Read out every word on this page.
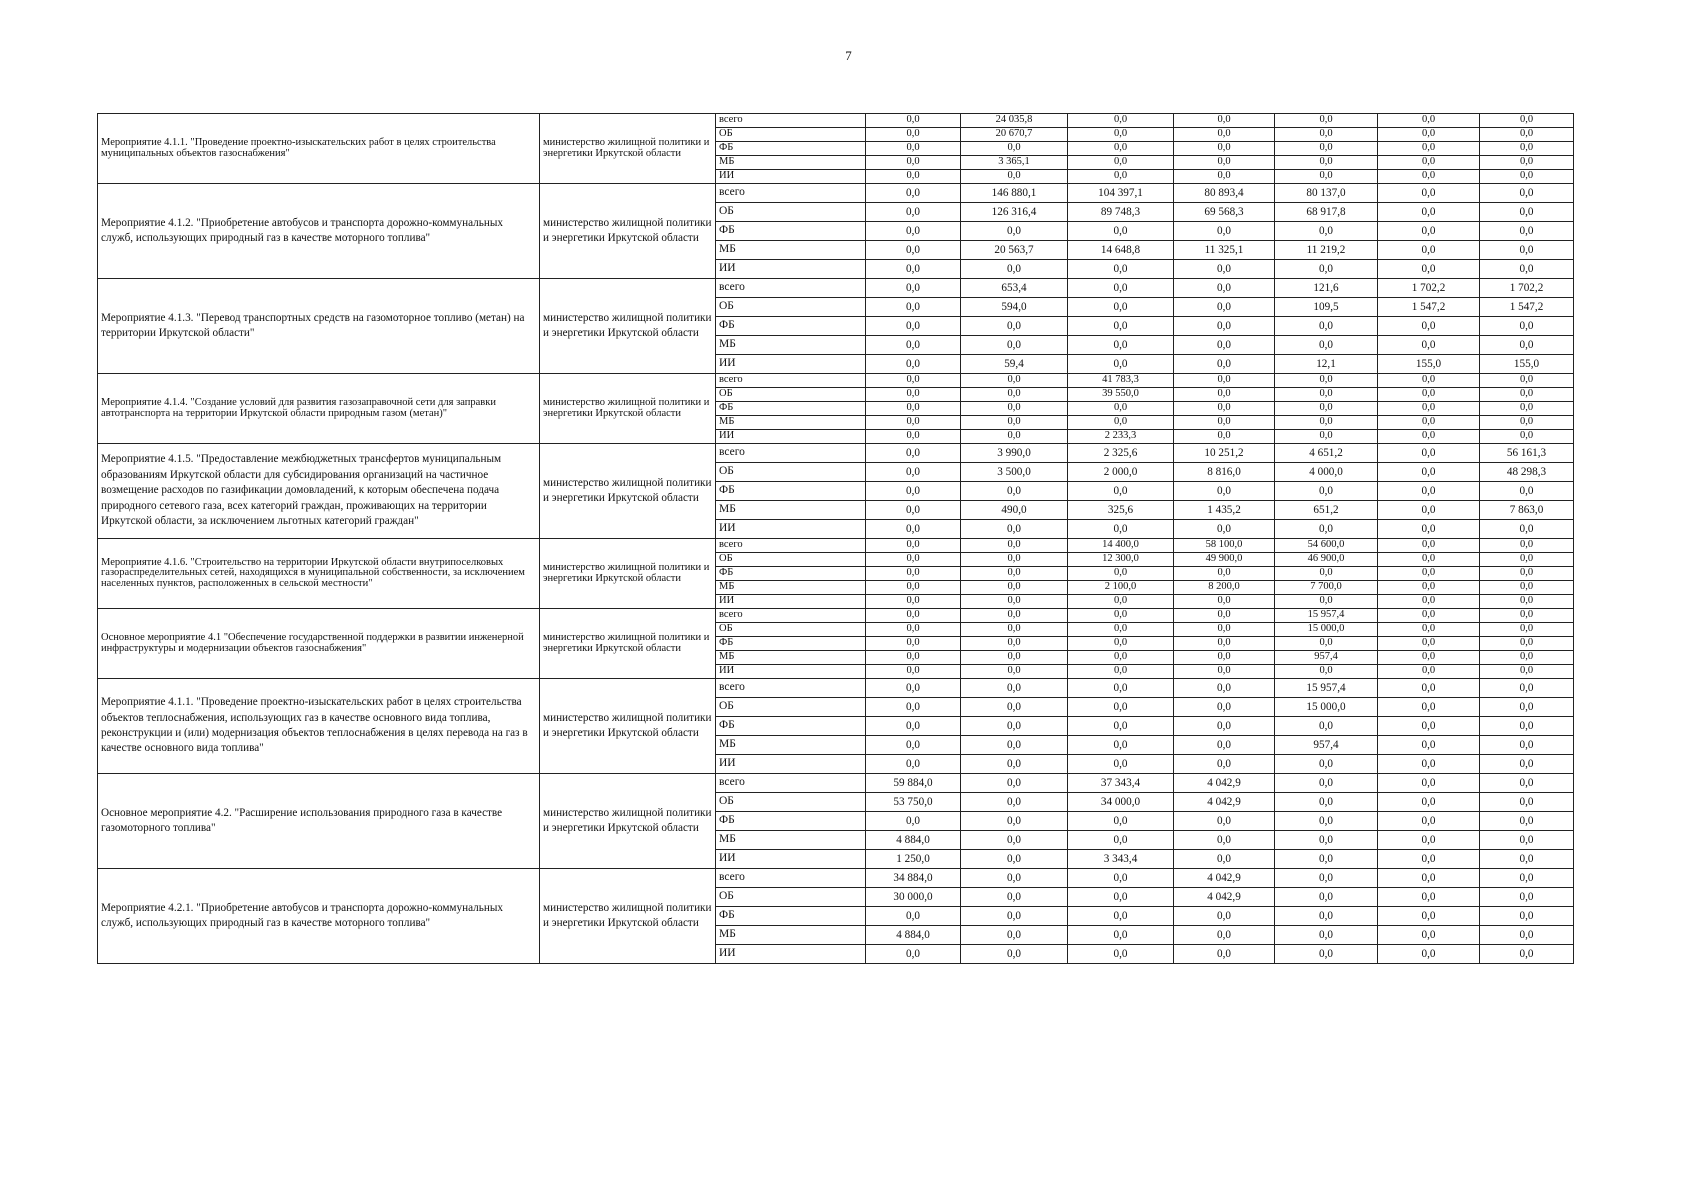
7
Мероприятие 4.1.1. "Проведение проектно-изыскательских работ в целях строительства муниципальных объектов газоснабжения"	министерство жилищной политики и энергетики Иркутской области	всего	0,0	24 035,8	0,0	0,0	0,0	0,0	0,0
		ОБ	0,0	20 670,7	0,0	0,0	0,0	0,0	0,0
		ФБ	0,0	0,0	0,0	0,0	0,0	0,0	0,0
		МБ	0,0	3 365,1	0,0	0,0	0,0	0,0	0,0
		ИИ	0,0	0,0	0,0	0,0	0,0	0,0	0,0
Мероприятие 4.1.2. "Приобретение автобусов и транспорта дорожно-коммунальных служб, использующих природный газ в качестве моторного топлива"	министерство жилищной политики и энергетики Иркутской области	всего	0,0	146 880,1	104 397,1	80 893,4	80 137,0	0,0	0,0
		ОБ	0,0	126 316,4	89 748,3	69 568,3	68 917,8	0,0	0,0
		ФБ	0,0	0,0	0,0	0,0	0,0	0,0	0,0
		МБ	0,0	20 563,7	14 648,8	11 325,1	11 219,2	0,0	0,0
		ИИ	0,0	0,0	0,0	0,0	0,0	0,0	0,0
Мероприятие 4.1.3. "Перевод транспортных средств на газомоторное топливо (метан) на территории Иркутской области"	министерство жилищной политики и энергетики Иркутской области	всего	0,0	653,4	0,0	0,0	121,6	1 702,2	1 702,2
		ОБ	0,0	594,0	0,0	0,0	109,5	1 547,2	1 547,2
		ФБ	0,0	0,0	0,0	0,0	0,0	0,0	0,0
		МБ	0,0	0,0	0,0	0,0	0,0	0,0	0,0
		ИИ	0,0	59,4	0,0	0,0	12,1	155,0	155,0
Мероприятие 4.1.4. "Создание условий для развития газозаправочной сети для заправки автотранспорта на территории Иркутской области природным газом (метан)"	министерство жилищной политики и энергетики Иркутской области	всего	0,0	0,0	41 783,3	0,0	0,0	0,0	0,0
		ОБ	0,0	0,0	39 550,0	0,0	0,0	0,0	0,0
		ФБ	0,0	0,0	0,0	0,0	0,0	0,0	0,0
		МБ	0,0	0,0	0,0	0,0	0,0	0,0	0,0
		ИИ	0,0	0,0	2 233,3	0,0	0,0	0,0	0,0
Мероприятие 4.1.5. "Предоставление межбюджетных трансфертов муниципальным образованиям Иркутской области для субсидирования организаций на частичное возмещение расходов по газификации домовладений, к которым обеспечена подача природного сетевого газа, всех категорий граждан, проживающих на территории Иркутской области, за исключением льготных категорий граждан"	министерство жилищной политики и энергетики Иркутской области	всего	0,0	3 990,0	2 325,6	10 251,2	4 651,2	0,0	56 161,3
		ОБ	0,0	3 500,0	2 000,0	8 816,0	4 000,0	0,0	48 298,3
		ФБ	0,0	0,0	0,0	0,0	0,0	0,0	0,0
		МБ	0,0	490,0	325,6	1 435,2	651,2	0,0	7 863,0
		ИИ	0,0	0,0	0,0	0,0	0,0	0,0	0,0
Мероприятие 4.1.6. "Строительство на территории Иркутской области внутрипоселковых газораспределительных сетей, находящихся в муниципальной собственности, за исключением населенных пунктов, расположенных в сельской местности"	министерство жилищной политики и энергетики Иркутской области	всего	0,0	0,0	14 400,0	58 100,0	54 600,0	0,0	0,0
		ОБ	0,0	0,0	12 300,0	49 900,0	46 900,0	0,0	0,0
		ФБ	0,0	0,0	0,0	0,0	0,0	0,0	0,0
		МБ	0,0	0,0	2 100,0	8 200,0	7 700,0	0,0	0,0
		ИИ	0,0	0,0	0,0	0,0	0,0	0,0	0,0
Основное мероприятие 4.1 "Обеспечение государственной поддержки в развитии инженерной инфраструктуры и модернизации объектов газоснабжения"	министерство жилищной политики и энергетики Иркутской области	всего	0,0	0,0	0,0	0,0	15 957,4	0,0	0,0
		ОБ	0,0	0,0	0,0	0,0	15 000,0	0,0	0,0
		ФБ	0,0	0,0	0,0	0,0	0,0	0,0	0,0
		МБ	0,0	0,0	0,0	0,0	957,4	0,0	0,0
		ИИ	0,0	0,0	0,0	0,0	0,0	0,0	0,0
Мероприятие 4.1.1. "Проведение проектно-изыскательских работ в целях строительства объектов теплоснабжения, использующих газ в качестве основного вида топлива, реконструкции и (или) модернизация объектов теплоснабжения в целях перевода на газ в качестве основного вида топлива"	министерство жилищной политики и энергетики Иркутской области	всего	0,0	0,0	0,0	0,0	15 957,4	0,0	0,0
		ОБ	0,0	0,0	0,0	0,0	15 000,0	0,0	0,0
		ФБ	0,0	0,0	0,0	0,0	0,0	0,0	0,0
		МБ	0,0	0,0	0,0	0,0	957,4	0,0	0,0
		ИИ	0,0	0,0	0,0	0,0	0,0	0,0	0,0
Основное мероприятие 4.2. "Расширение использования природного газа в качестве газомоторного топлива"	министерство жилищной политики и энергетики Иркутской области	всего	59 884,0	0,0	37 343,4	4 042,9	0,0	0,0	0,0
		ОБ	53 750,0	0,0	34 000,0	4 042,9	0,0	0,0	0,0
		ФБ	0,0	0,0	0,0	0,0	0,0	0,0	0,0
		МБ	4 884,0	0,0	0,0	0,0	0,0	0,0	0,0
		ИИ	1 250,0	0,0	3 343,4	0,0	0,0	0,0	0,0
Мероприятие 4.2.1. "Приобретение автобусов и транспорта дорожно-коммунальных служб, использующих природный газ в качестве моторного топлива"	министерство жилищной политики и энергетики Иркутской области	всего	34 884,0	0,0	0,0	4 042,9	0,0	0,0	0,0
		ОБ	30 000,0	0,0	0,0	4 042,9	0,0	0,0	0,0
		ФБ	0,0	0,0	0,0	0,0	0,0	0,0	0,0
		МБ	4 884,0	0,0	0,0	0,0	0,0	0,0	0,0
		ИИ	0,0	0,0	0,0	0,0	0,0	0,0	0,0
